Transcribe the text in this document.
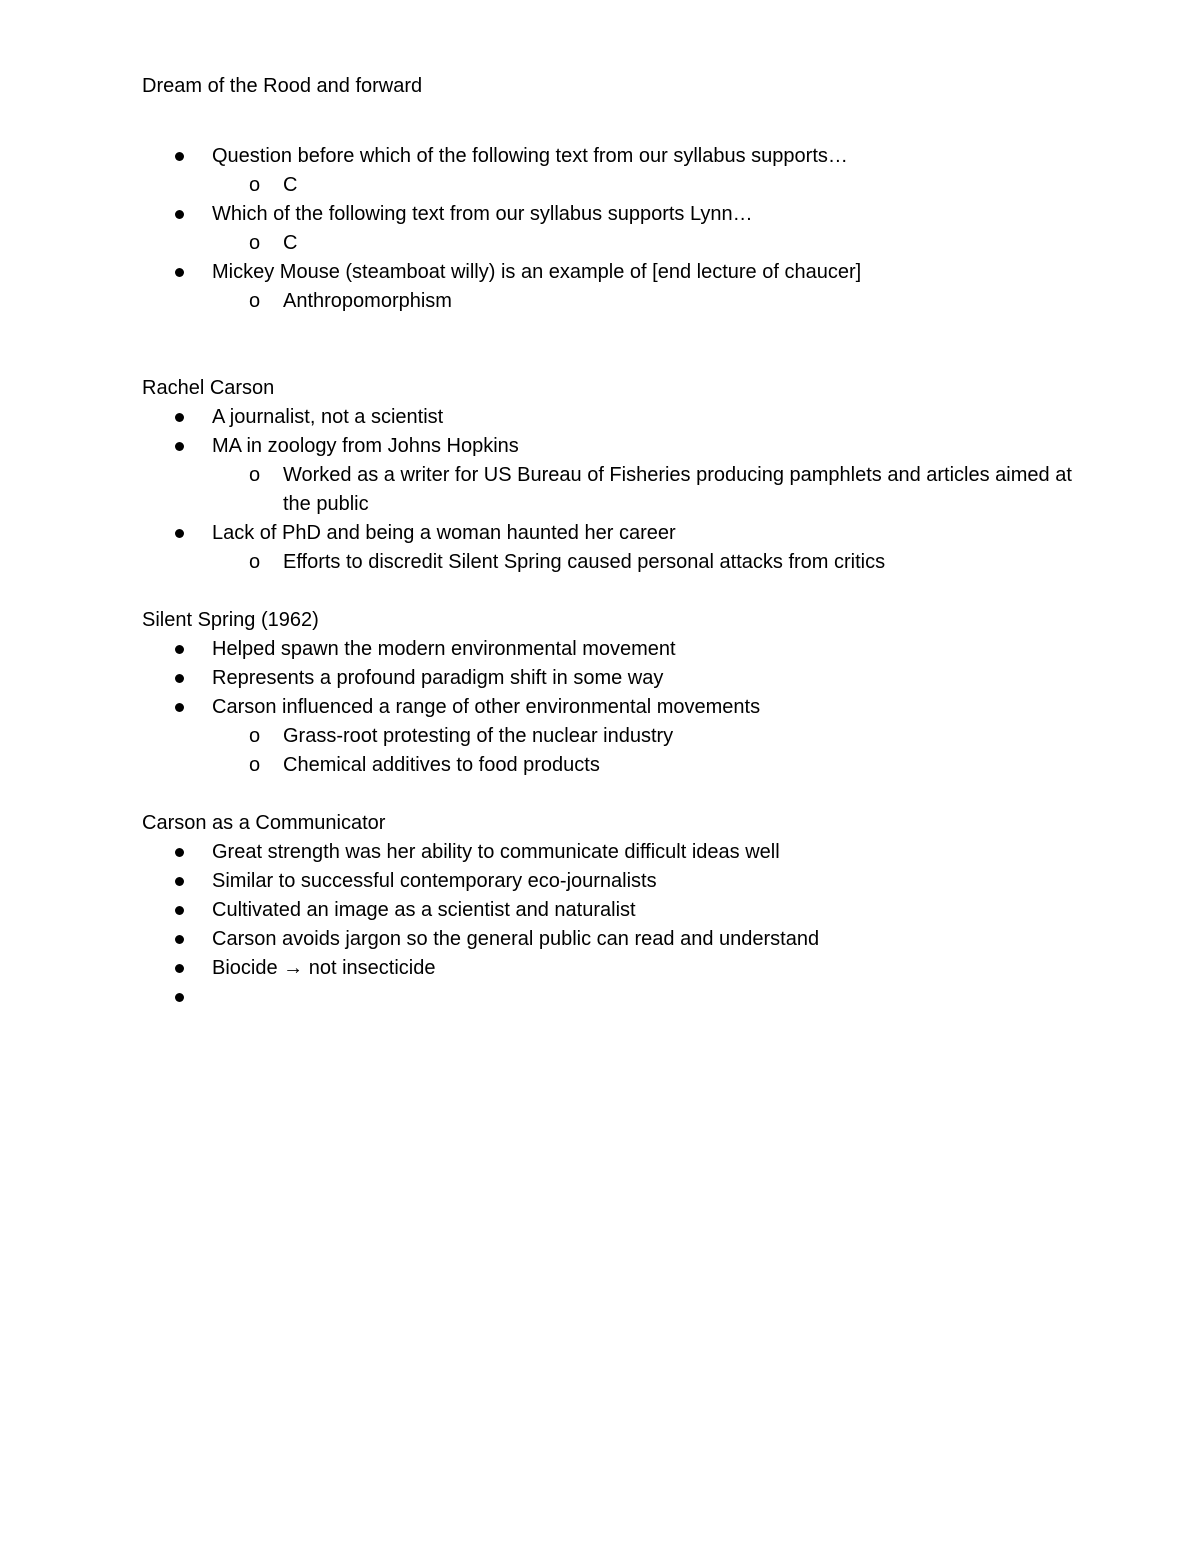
Dream of the Rood and forward

Question before which of the following text from our syllabus supports…
o C
Which of the following text from our syllabus supports Lynn…
o C
Mickey Mouse (steamboat willy) is an example of [end lecture of chaucer]
o Anthropomorphism

Rachel Carson

A journalist, not a scientist
MA in zoology from Johns Hopkins
o Worked as a writer for US Bureau of Fisheries producing pamphlets and articles aimed at the public
Lack of PhD and being a woman haunted her career
o Efforts to discredit Silent Spring caused personal attacks from critics

Silent Spring (1962)

Helped spawn the modern environmental movement
Represents a profound paradigm shift in some way
Carson influenced a range of other environmental movements
o Grass-root protesting of the nuclear industry
o Chemical additives to food products

Carson as a Communicator

Great strength was her ability to communicate difficult ideas well
Similar to successful contemporary eco-journalists
Cultivated an image as a scientist and naturalist
Carson avoids jargon so the general public can read and understand
Biocide → not insecticide
